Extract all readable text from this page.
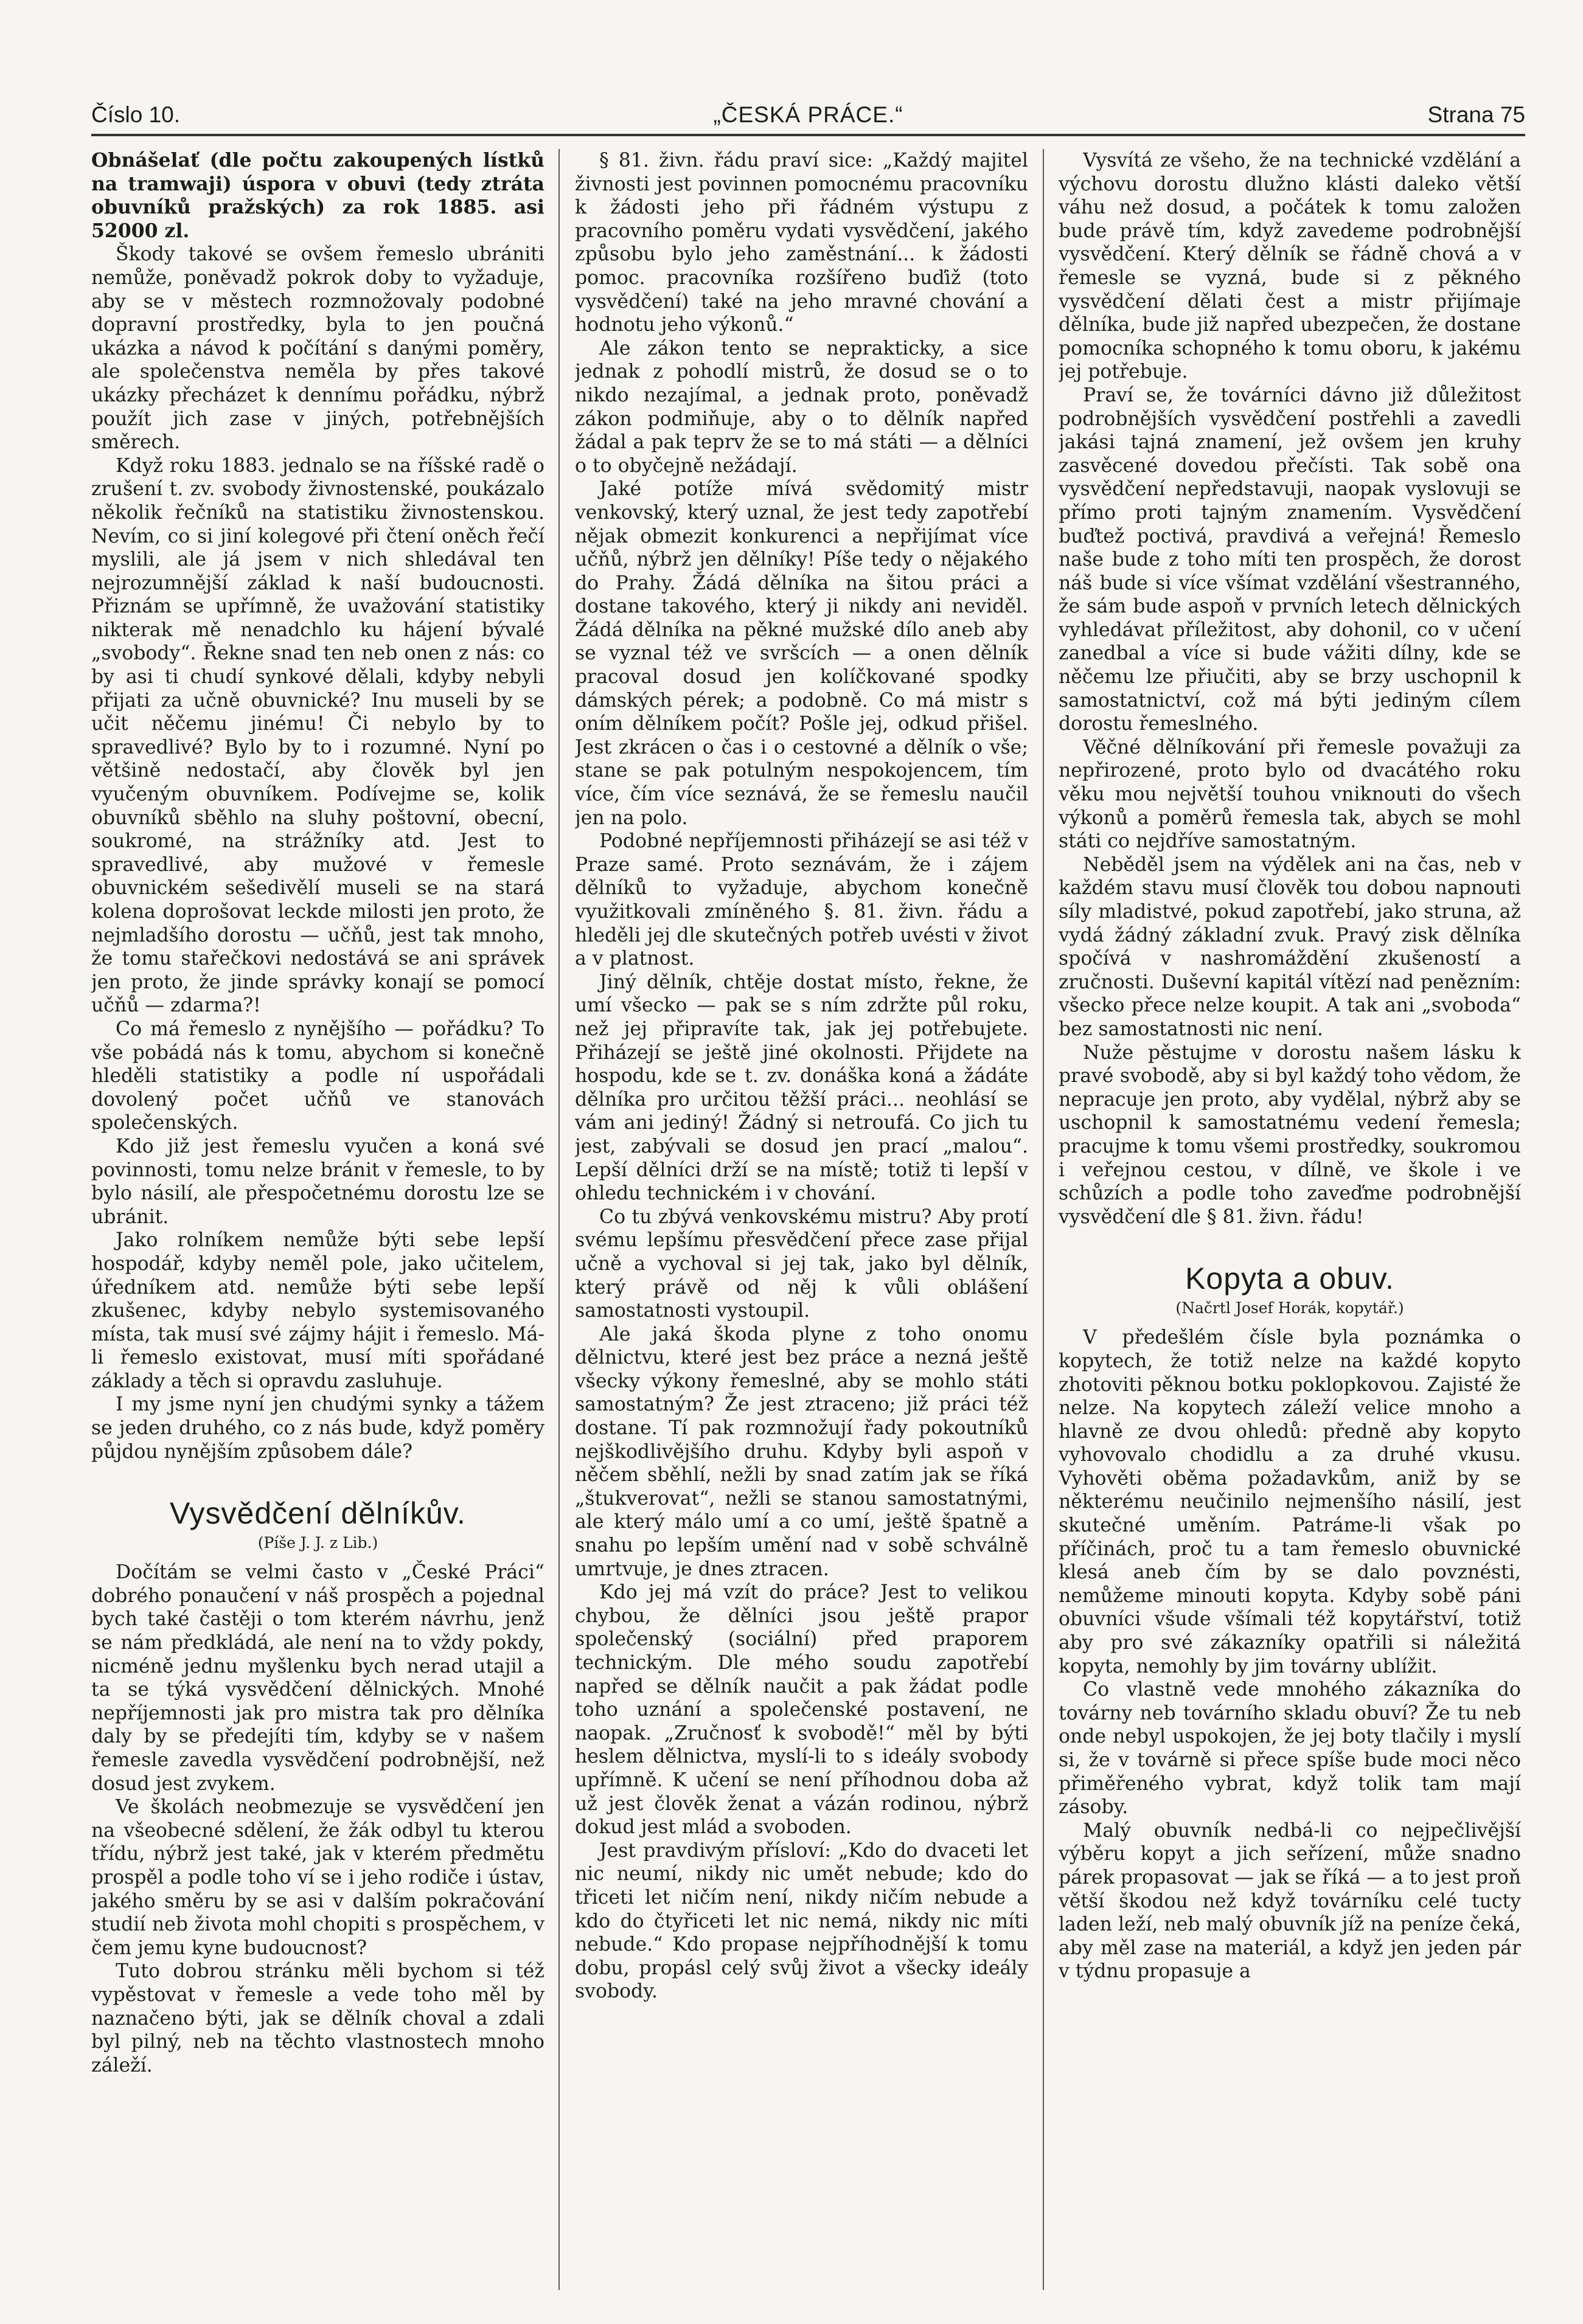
Číslo 10.	„ČESKÁ PRÁCE.“	Strana 75

Obnášelať (dle počtu zakoupených lístků na tramwaji) úspora v obuvi (tedy ztráta obuvníků pražských) za rok 1885. asi 52000 zl.

Škody takové se ovšem řemeslo ubrániti nemůže, poněvadž pokrok doby to vyžaduje, aby se v městech rozmnožovaly podobné dopravní prostředky, byla to jen poučná ukázka a návod k počítání s danými poměry, ale společenstva neměla by přes takové ukázky přecházet k dennímu pořádku, nýbrž použít jich zase v jiných, potřebnějších směrech.

Když roku 1883. jednalo se na říšské radě o zrušení t. zv. svobody živnostenské, poukázalo několik řečníků na statistiku živnostenskou. Nevím, co si jiní kolegové při čtení oněch řečí myslili, ale já jsem v nich shledával ten nejrozumnější základ k naší budoucnosti. Přiznám se upřímně, že uvažování statistiky nikterak mě nenadchlo ku hájení bývalé „svobody“. Řekne snad ten neb onen z nás: co by asi ti chudí synkové dělali, kdyby nebyli přijati za učně obuvnické? Inu museli by se učit něčemu jinému! Či nebylo by to spravedlivé? Bylo by to i rozumné. Nyní po většině nedostačí, aby člověk byl jen vyučeným obuvníkem. Podívejme se, kolik obuvníků sběhlo na sluhy poštovní, obecní, soukromé, na strážníky atd. Jest to spravedlivé, aby mužové v řemesle obuvnickém sešedivělí museli se na stará kolena doprošovat leckde milosti jen proto, že nejmladšího dorostu — učňů, jest tak mnoho, že tomu stařečkovi nedostává se ani správek jen proto, že jinde správky konají se pomocí učňů — zdarma?!

Co má řemeslo z nynějšího — pořádku? To vše pobádá nás k tomu, abychom si konečně hleděli statistiky a podle ní uspořádali dovolený počet učňů ve stanovách společenských.

Kdo již jest řemeslu vyučen a koná své povinnosti, tomu nelze bránit v řemesle, to by bylo násilí, ale přespočetnému dorostu lze se ubránit.

Jako rolníkem nemůže býti sebe lepší hospodář, kdyby neměl pole, jako učitelem, úředníkem atd. nemůže býti sebe lepší zkušenec, kdyby nebylo systemisovaného místa, tak musí své zájmy hájit i řemeslo. Má-li řemeslo existovat, musí míti spořádané základy a těch si opravdu zasluhuje.

I my jsme nyní jen chudými synky a tážem se jeden druhého, co z nás bude, když poměry půjdou nynějším způsobem dále?

Vysvědčení dělníkův.
(Píše J. J. z Lib.)

Dočítám se velmi často v „České Práci“ dobrého ponaučení v náš prospěch a pojednal bych také častěji o tom kterém návrhu, jenž se nám předkládá, ale není na to vždy pokdy, nicméně jednu myšlenku bych nerad utajil a ta se týká vysvědčení dělnických. Mnohé nepříjemnosti jak pro mistra tak pro dělníka daly by se předejíti tím, kdyby se v našem řemesle zavedla vysvědčení podrobnější, než dosud jest zvykem.

Ve školách neobmezuje se vysvědčení jen na všeobecné sdělení, že žák odbyl tu kterou třídu, nýbrž jest také, jak v kterém předmětu prospěl a podle toho ví se i jeho rodiče i ústav, jakého směru by se asi v dalším pokračování studií neb života mohl chopiti s prospěchem, v čem jemu kyne budoucnost?

Tuto dobrou stránku měli bychom si též vypěstovat v řemesle a vede toho měl by naznačeno býti, jak se dělník choval a zdali byl pilný, neb na těchto vlastnostech mnoho záleží.

§ 81. živn. řádu praví sice: „Každý majitel živnosti jest povinnen pomocnému pracovníku k žádosti jeho při řádném výstupu z pracovního poměru vydati vysvědčení, jakého způsobu bylo jeho zaměstnání... k žádosti pomoc. pracovníka rozšířeno buďiž (toto vysvědčení) také na jeho mravné chování a hodnotu jeho výkonů.“

Ale zákon tento se neprakticky, a sice jednak z pohodlí mistrů, že dosud se o to nikdo nezajímal, a jednak proto, poněvadž zákon podmiňuje, aby o to dělník napřed žádal a pak teprv že se to má státi — a dělníci o to obyčejně nežádají.

Jaké potíže mívá svědomitý mistr venkovský, který uznal, že jest tedy zapotřebí nějak obmezit konkurenci a nepřijímat více učňů, nýbrž jen dělníky! Píše tedy o nějakého do Prahy. Žádá dělníka na šitou práci a dostane takového, který ji nikdy ani neviděl. Žádá dělníka na pěkné mužské dílo aneb aby se vyznal též ve svršcích — a onen dělník pracoval dosud jen kolíčkované spodky dámských pérek; a podobně. Co má mistr s oním dělníkem počít? Pošle jej, odkud přišel. Jest zkrácen o čas i o cestovné a dělník o vše; stane se pak potulným nespokojencem, tím více, čím více seznává, že se řemeslu naučil jen na polo.

Podobné nepříjemnosti přiházejí se asi též v Praze samé. Proto seznávám, že i zájem dělníků to vyžaduje, abychom konečně využitkovali zmíněného §. 81. živn. řádu a hleděli jej dle skutečných potřeb uvésti v život a v platnost.

Jiný dělník, chtěje dostat místo, řekne, že umí všecko — pak se s ním zdržte půl roku, než jej připravíte tak, jak jej potřebujete. Přiházejí se ještě jiné okolnosti. Přijdete na hospodu, kde se t. zv. donáška koná a žádáte dělníka pro určitou těžší práci... neohlásí se vám ani jediný! Žádný si netroufá. Co jich tu jest, zabývali se dosud jen prací „malou“. Lepší dělníci drží se na místě; totiž ti lepší v ohledu technickém i v chování.

Co tu zbývá venkovskému mistru? Aby protí svému lepšímu přesvědčení přece zase přijal učně a vychoval si jej tak, jako byl dělník, který právě od něj k vůli oblášení samostatnosti vystoupil.

Ale jaká škoda plyne z toho onomu dělnictvu, které jest bez práce a nezná ještě všecky výkony řemeslné, aby se mohlo státi samostatným? Že jest ztraceno; již práci též dostane. Tí pak rozmnožují řady pokoutníků nejškodlivějšího druhu. Kdyby byli aspoň v něčem sběhlí, nežli by snad zatím jak se říká „štukverovat“, nežli se stanou samostatnými, ale který málo umí a co umí, ještě špatně a snahu po lepším umění nad v sobě schválně umrtvuje, je dnes ztracen.

Kdo jej má vzít do práce? Jest to velikou chybou, že dělníci jsou ještě prapor společenský (sociální) před praporem technickým. Dle mého soudu zapotřebí napřed se dělník naučit a pak žádat podle toho uznání a společenské postavení, ne naopak. „Zručnosť k svobodě!“ měl by býti heslem dělnictva, myslí-li to s ideály svobody upřímně. K učení se není příhodnou doba až už jest člověk ženat a vázán rodinou, nýbrž dokud jest mlád a svoboden.

Jest pravdivým přísloví: „Kdo do dvaceti let nic neumí, nikdy nic umět nebude; kdo do třiceti let ničím není, nikdy ničím nebude a kdo do čtyřiceti let nic nemá, nikdy nic míti nebude.“ Kdo propase nejpříhodnější k tomu dobu, propásl celý svůj život a všecky ideály svobody.

Vysvítá ze všeho, že na technické vzdělání a výchovu dorostu dlužno klásti daleko větší váhu než dosud, a počátek k tomu založen bude právě tím, když zavedeme podrobnější vysvědčení. Který dělník se řádně chová a v řemesle se vyzná, bude si z pěkného vysvědčení dělati čest a mistr přijímaje dělníka, bude již napřed ubezpečen, že dostane pomocníka schopného k tomu oboru, k jakému jej potřebuje.

Praví se, že továrníci dávno již důležitost podrobnějších vysvědčení postřehli a zavedli jakási tajná znamení, jež ovšem jen kruhy zasvěcené dovedou přečísti. Tak sobě ona vysvědčení nepředstavuji, naopak vyslovuji se přímo proti tajným znamením. Vysvědčení buďtež poctivá, pravdivá a veřejná! Řemeslo naše bude z toho míti ten prospěch, že dorost náš bude si více všímat vzdělání všestranného, že sám bude aspoň v prvních letech dělnických vyhledávat příležitost, aby dohonil, co v učení zanedbal a více si bude vážiti dílny, kde se něčemu lze přiučiti, aby se brzy uschopnil k samostatnictví, což má býti jediným cílem dorostu řemeslného.

Věčné dělníkování při řemesle považuji za nepřirozené, proto bylo od dvacátého roku věku mou největší touhou vniknouti do všech výkonů a poměrů řemesla tak, abych se mohl státi co nejdříve samostatným.

Neběděl jsem na výdělek ani na čas, neb v každém stavu musí člověk tou dobou napnouti síly mladistvé, pokud zapotřebí, jako struna, až vydá žádný základní zvuk. Pravý zisk dělníka spočívá v nashromáždění zkušeností a zručnosti. Duševní kapitál vítězí nad penězním: všecko přece nelze koupit. A tak ani „svoboda“ bez samostatnosti nic není.

Nuže pěstujme v dorostu našem lásku k pravé svobodě, aby si byl každý toho vědom, že nepracuje jen proto, aby vydělal, nýbrž aby se uschopnil k samostatnému vedení řemesla; pracujme k tomu všemi prostředky, soukromou i veřejnou cestou, v dílně, ve škole i ve schůzích a podle toho zaveďme podrobnější vysvědčení dle § 81. živn. řádu!

Kopyta a obuv.
(Načrtl Josef Horák, kopytář.)

V předešlém čísle byla poznámka o kopytech, že totiž nelze na každé kopyto zhotoviti pěknou botku poklopkovou. Zajisté že nelze. Na kopytech záleží velice mnoho a hlavně ze dvou ohledů: předně aby kopyto vyhovovalo chodidlu a za druhé vkusu. Vyhověti oběma požadavkům, aniž by se některému neučinilo nejmenšího násilí, jest skutečné uměním. Patráme-li však po příčinách, proč tu a tam řemeslo obuvnické klesá aneb čím by se dalo povznésti, nemůžeme minouti kopyta. Kdyby sobě páni obuvníci všude všímali též kopytářství, totiž aby pro své zákazníky opatřili si náležitá kopyta, nemohly by jim továrny ublížit.

Co vlastně vede mnohého zákazníka do továrny neb továrního skladu obuví? Že tu neb onde nebyl uspokojen, že jej boty tlačily i myslí si, že v továrně si přece spíše bude moci něco přiměřeného vybrat, když tolik tam mají zásoby.

Malý obuvník nedbá-li co nejpečlivější výběru kopyt a jich seřízení, může snadno párek propasovat — jak se říká — a to jest proň větší škodou než když továrníku celé tucty laden leží, neb malý obuvník jíž na peníze čeká, aby měl zase na materiál, a když jen jeden pár v týdnu propasuje a
